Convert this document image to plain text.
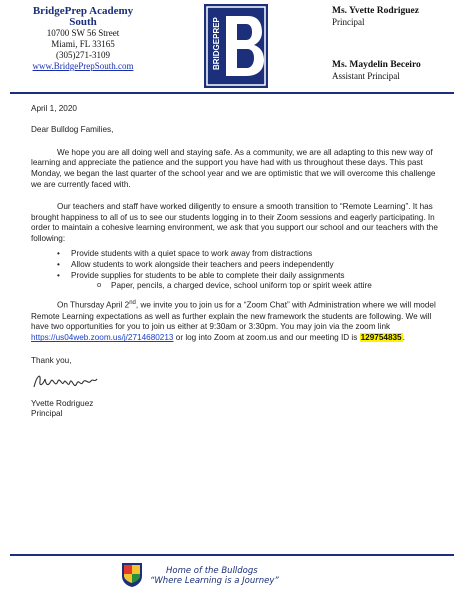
BridgePrep Academy
South
10700 SW 56 Street
Miami, FL 33165
(305)271-3109
www.BridgePrepSouth.com	BRIDGEPREP
Ms. Yvette Rodriguez
Principal
Ms. Maydelin Beceiro
Assistant Principal

April 1, 2020

Dear Bulldog Families,

We hope you are all doing well and staying safe. As a community, we are all adapting to this new way of learning and appreciate the patience and the support you have had with us throughout these days. This past Monday, we began the last quarter of the school year and we are optimistic that we will overcome this challenge we are currently faced with.

Our teachers and staff have worked diligently to ensure a smooth transition to “Remote Learning”. It has brought happiness to all of us to see our students logging in to their Zoom sessions and eagerly participating. In order to maintain a cohesive learning environment, we ask that you support our school and our teachers with the following:

• Provide students with a quiet space to work away from distractions
• Allow students to work alongside their teachers and peers independently
• Provide supplies for students to be able to complete their daily assignments
o Paper, pencils, a charged device, school uniform top or spirit week attire

On Thursday April 2nd, we invite you to join us for a “Zoom Chat” with Administration where we will model Remote Learning expectations as well as further explain the new framework the students are following. We will have two opportunities for you to join us either at 9:30am or 3:30pm. You may join via the zoom link https://us04web.zoom.us/j/2714680213 or log into Zoom at zoom.us and our meeting ID is 129754835.

Thank you,

Yvette Rodriguez

Principal

Home of the Bulldogs
“Where Learning is a Journey”
